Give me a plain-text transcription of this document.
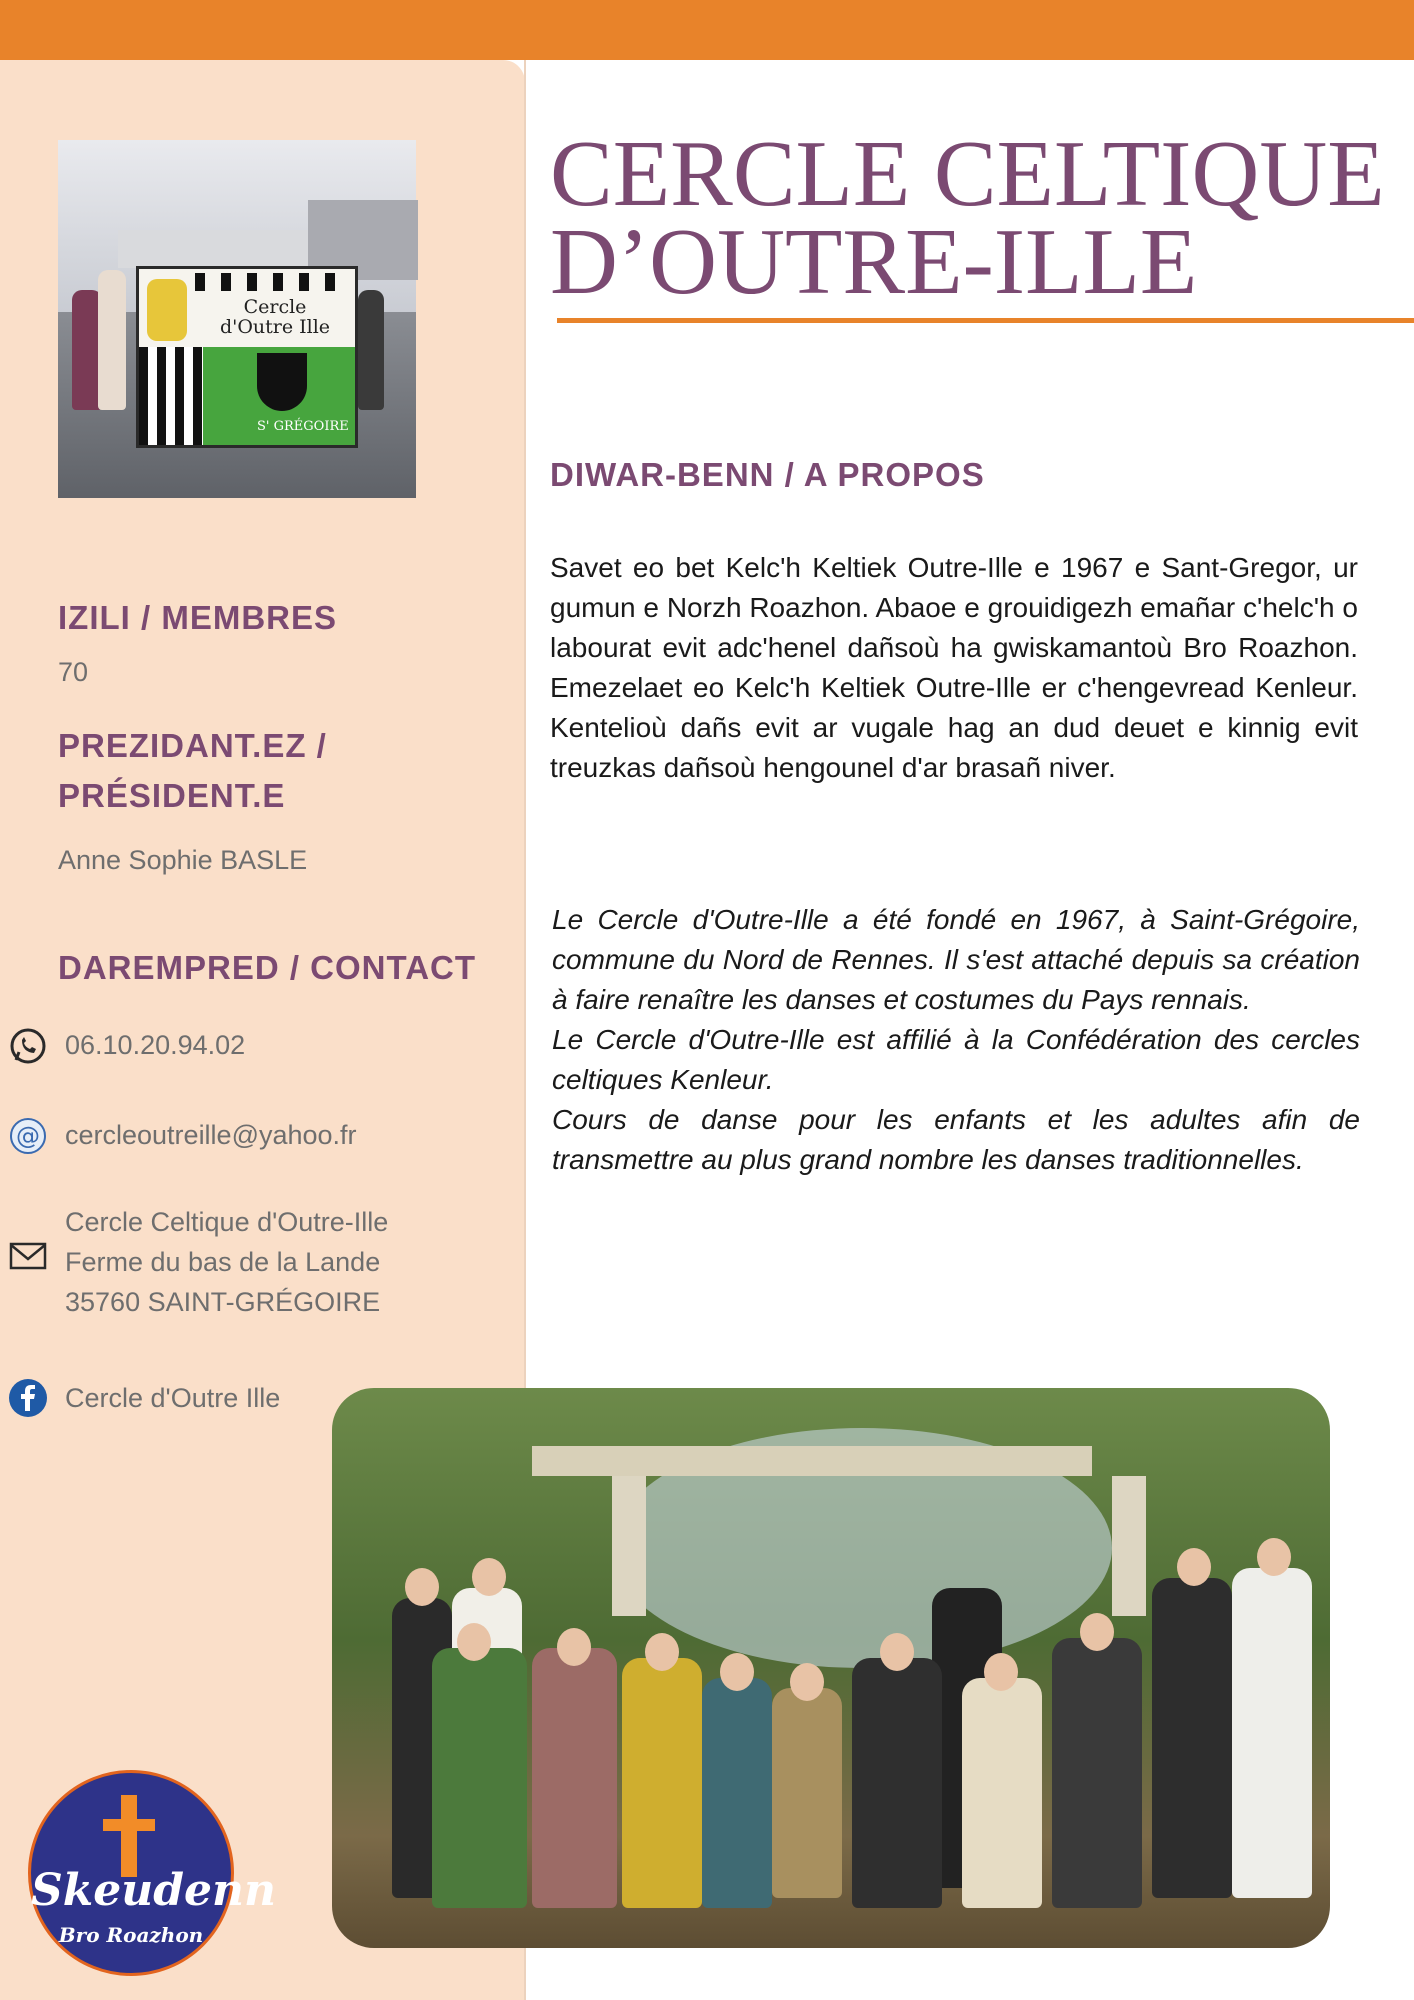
Cercle d'Outre Ille
S' GRÉGOIRE
IZILI / MEMBRES
70
PREZIDANT.EZ /
PRÉSIDENT.E
Anne Sophie BASLE
DAREMPRED / CONTACT
06.10.20.94.02
@ cercleoutreille@yahoo.fr
Cercle Celtique d'Outre-Ille
Ferme du bas de la Lande
35760 SAINT-GRÉGOIRE
Cercle d'Outre Ille
Skeudenn
Bro Roazhon
CERCLE CELTIQUE
D’OUTRE-ILLE
DIWAR-BENN / A PROPOS

Savet eo bet Kelc'h Keltiek Outre-Ille e 1967 e Sant-Gregor, ur gumun e Norzh Roazhon. Abaoe e grouidigezh emañar c'helc'h o labourat evit adc'henel dañsoù ha gwiskamantoù Bro Roazhon. Emezelaet eo Kelc'h Keltiek Outre-Ille er c'hengevread Kenleur. Kentelioù dañs evit ar vugale hag an dud deuet e kinnig evit treuzkas dañsoù hengounel d'ar brasañ niver.

Le Cercle d'Outre-Ille a été fondé en 1967, à Saint-Grégoire, commune du Nord de Rennes. Il s'est attaché depuis sa création à faire renaître les danses et costumes du Pays rennais.
Le Cercle d'Outre-Ille est affilié à la Confédération des cercles celtiques Kenleur.
Cours de danse pour les enfants et les adultes afin de transmettre au plus grand nombre les danses traditionnelles.
